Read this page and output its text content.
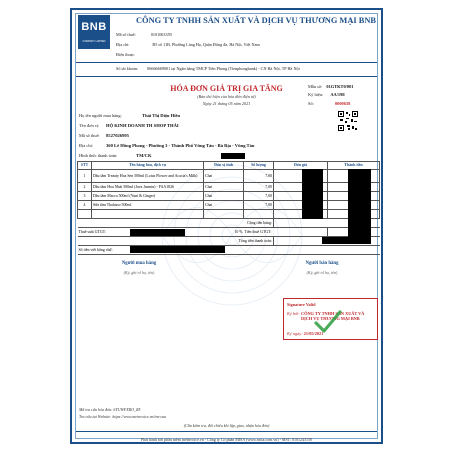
BNB
COMPANY LIMITED
CÔNG TY TNHH SẢN XUẤT VÀ DỊCH VỤ THƯƠNG MẠI BNB
Mã số thuế:	0101063359
Địa chỉ:	B5 số 11B, Phường Láng Hạ, Quận Đống đa, Hà Nội, Việt Nam
Điện thoại:
Số tài khoản: 06666669001 tại Ngân hàng TMCP Tiên Phong (Tienphongbank) - CN Hà Nội, TP Hà Nội
HÓA ĐƠN GIÁ TRỊ GIA TĂNG
(Bản thể hiện của hóa đơn điện tử)
Ngày 21 tháng 05 năm 2021
Mẫu số: 01GTKT0/001
Ký hiệu: AA/19E
Số:	0000658
Họ tên người mua hàng:	Thái Thị Diệu Hiền
Tên đơn vị: HỘ KINH DOANH TH SHOP THÁI
Mã số thuế: 8527026995
Địa chỉ:	360 Lê Hồng Phong - Phường 3 - Thành Phố Vũng Tàu - Bà Rịa - Vũng Tàu
Hình thức thanh toán:	TM/CK
STT	Tên hàng hóa, dịch vụ	Đơn vị tính	Số lượng	Đơn giá	Thành tiền
1	Dầu tắm Treaaty Hoa Sen 500ml (Lotus Flower and Acacia's Milk)	Chai	7,00		
2	Dầu tắm Hoa Nhài 500ml (Java Jasmin) - FAA1826	Chai	7,00		
3	Dầu tắm Macca 500ml (Yuni & Ginger)	Chai	7,00		
4	Sữa tắm Thalasso 500ml	Chai	7,00		

Cộng tiền hàng:					
Thuế suất GTGT:		10 %	Tiền thuế GTGT:		
Tổng tiền thanh toán:					
Số tiền viết bằng chữ:					
Người mua hàng
(Ký, ghi rõ họ, tên)
Người bán hàng
(Ký, ghi rõ họ, tên)
Signature Valid
Ký bởi: CÔNG TY TNHH SẢN XUẤT VÀ DỊCH VỤ THƯƠNG MẠI BNB
Ký ngày: 21/05/2021
Mã tra cứu hóa đơn: 6YUWFXRO_R5
Tra cứu tại Website: https://www.meinvoice.vn/tra-cuu
(Cần kiểm tra, đối chiếu khi lập, giao, nhận hóa đơn)
Phát hành bởi phần mềm meInvoice.vn - Công ty Cổ phần MISA (www.misa.com.vn) - MST: 0101243150
